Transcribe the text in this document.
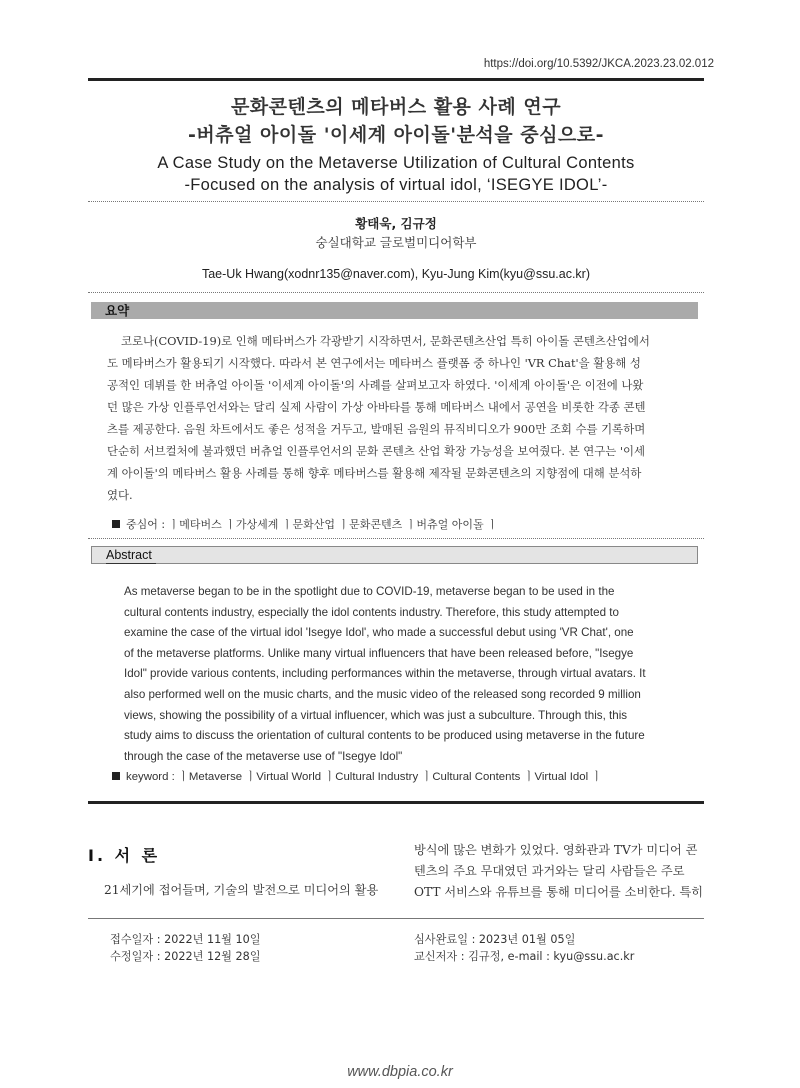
https://doi.org/10.5392/JKCA.2023.23.02.012
문화콘텐츠의 메타버스 활용 사례 연구
-버츄얼 아이돌 '이세계 아이돌'분석을 중심으로-
A Case Study on the Metaverse Utilization of Cultural Contents
-Focused on the analysis of virtual idol, ‘ISEGYE IDOL’-
황태욱, 김규정
숭실대학교 글로벌미디어학부
Tae-Uk Hwang(xodnr135@naver.com), Kyu-Jung Kim(kyu@ssu.ac.kr)
요약
코로나(COVID-19)로 인해 메타버스가 각광받기 시작하면서, 문화콘텐츠산업 특히 아이돌 콘텐츠산업에서
도 메타버스가 활용되기 시작했다. 따라서 본 연구에서는 메타버스 플랫폼 중 하나인 'VR Chat'을 활용해 성
공적인 데뷔를 한 버츄얼 아이돌 '이세계 아이돌'의 사례를 살펴보고자 하였다. '이세계 아이돌'은 이전에 나왔
던 많은 가상 인플루언서와는 달리 실제 사람이 가상 아바타를 통해 메타버스 내에서 공연을 비롯한 각종 콘텐
츠를 제공한다. 음원 차트에서도 좋은 성적을 거두고, 발매된 음원의 뮤직비디오가 900만 조회 수를 기록하며
단순히 서브컬처에 불과했던 버츄얼 인플루언서의 문화 콘텐츠 산업 확장 가능성을 보여줬다. 본 연구는 '이세
계 아이돌'의 메타버스 활용 사례를 통해 향후 메타버스를 활용해 제작될 문화콘텐츠의 지향점에 대해 분석하
였다.
중심어 : ㅣ메타버스 ㅣ가상세계 ㅣ문화산업 ㅣ문화콘텐츠 ㅣ버츄얼 아이돌 ㅣ
Abstract
As metaverse began to be in the spotlight due to COVID-19, metaverse began to be used in the
cultural contents industry, especially the idol contents industry. Therefore, this study attempted to
examine the case of the virtual idol 'Isegye Idol', who made a successful debut using 'VR Chat', one
of the metaverse platforms. Unlike many virtual influencers that have been released before, "Isegye
Idol" provide various contents, including performances within the metaverse, through virtual avatars. It
also performed well on the music charts, and the music video of the released song recorded 9 million
views, showing the possibility of a virtual influencer, which was just a subculture. Through this, this
study aims to discuss the orientation of cultural contents to be produced using metaverse in the future
through the case of the metaverse use of "Isegye Idol"
keyword : ㅣMetaverse ㅣVirtual World ㅣCultural Industry ㅣCultural Contents ㅣVirtual Idol ㅣ
I. 서 론

21세기에 접어들며, 기술의 발전으로 미디어의 활용

방식에 많은 변화가 있었다. 영화관과 TV가 미디어 콘

텐츠의 주요 무대였던 과거와는 달리 사람들은 주로

OTT 서비스와 유튜브를 통해 미디어를 소비한다. 특히

접수일자 : 2022년 11월 10일
수정일자 : 2022년 12월 28일
심사완료일 : 2023년 01월 05일
교신저자 : 김규정, e-mail : kyu@ssu.ac.kr
www.dbpia.co.kr
